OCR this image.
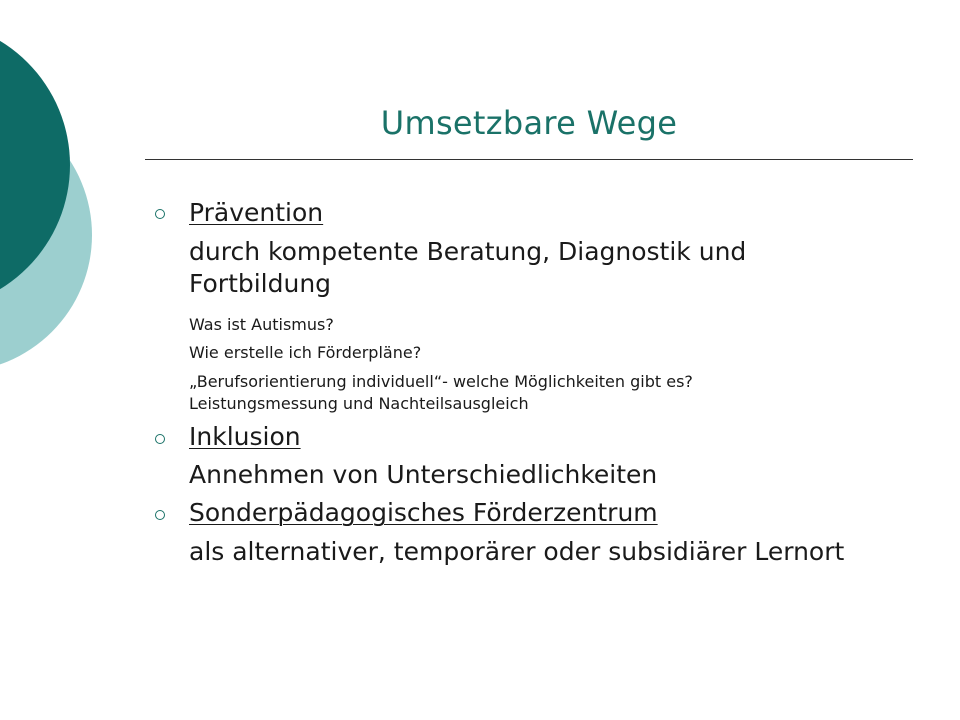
Umsetzbare Wege
Prävention
durch kompetente Beratung, Diagnostik und
Fortbildung
Was ist Autismus?
Wie erstelle ich Förderpläne?
„Berufsorientierung individuell“- welche Möglichkeiten gibt es?
Leistungsmessung und Nachteilsausgleich
Inklusion
Annehmen von Unterschiedlichkeiten
Sonderpädagogisches Förderzentrum
als alternativer, temporärer oder subsidiärer Lernort
